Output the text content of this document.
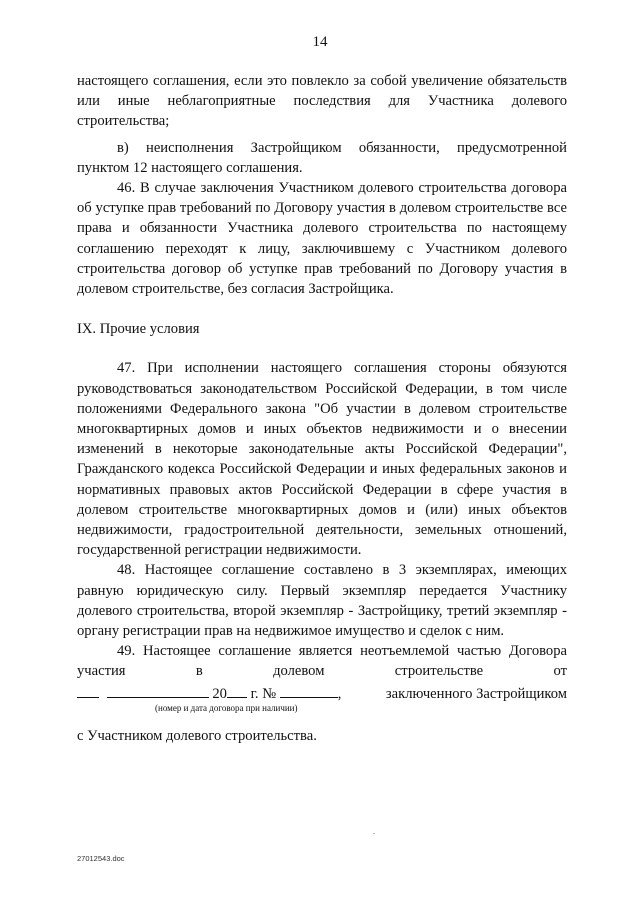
14

настоящего соглашения, если это повлекло за собой увеличение обязательств или иные неблагоприятные последствия для Участника долевого строительства;

в) неисполнения Застройщиком обязанности, предусмотренной пунктом 12 настоящего соглашения.

46. В случае заключения Участником долевого строительства договора об уступке прав требований по Договору участия в долевом строительстве все права и обязанности Участника долевого строительства по настоящему соглашению переходят к лицу, заключившему с Участником долевого строительства договор об уступке прав требований по Договору участия в долевом строительстве, без согласия Застройщика.

IX. Прочие условия

47. При исполнении настоящего соглашения стороны обязуются руководствоваться законодательством Российской Федерации, в том числе положениями Федерального закона "Об участии в долевом строительстве многоквартирных домов и иных объектов недвижимости и о внесении изменений в некоторые законодательные акты Российской Федерации", Гражданского кодекса Российской Федерации и иных федеральных законов и нормативных правовых актов Российской Федерации в сфере участия в долевом строительстве многоквартирных домов и (или) иных объектов недвижимости, градостроительной деятельности, земельных отношений, государственной регистрации недвижимости.

48. Настоящее соглашение составлено в 3 экземплярах, имеющих равную юридическую силу. Первый экземпляр передается Участнику долевого строительства, второй экземпляр - Застройщику, третий экземпляр - органу регистрации прав на недвижимое имущество и сделок с ним.

49. Настоящее соглашение является неотъемлемой частью Договора участия в долевом строительстве от

20 г. №	,	заключенного Застройщиком
(номер и дата договора при наличии)

с Участником долевого строительства.

27012543.doc
